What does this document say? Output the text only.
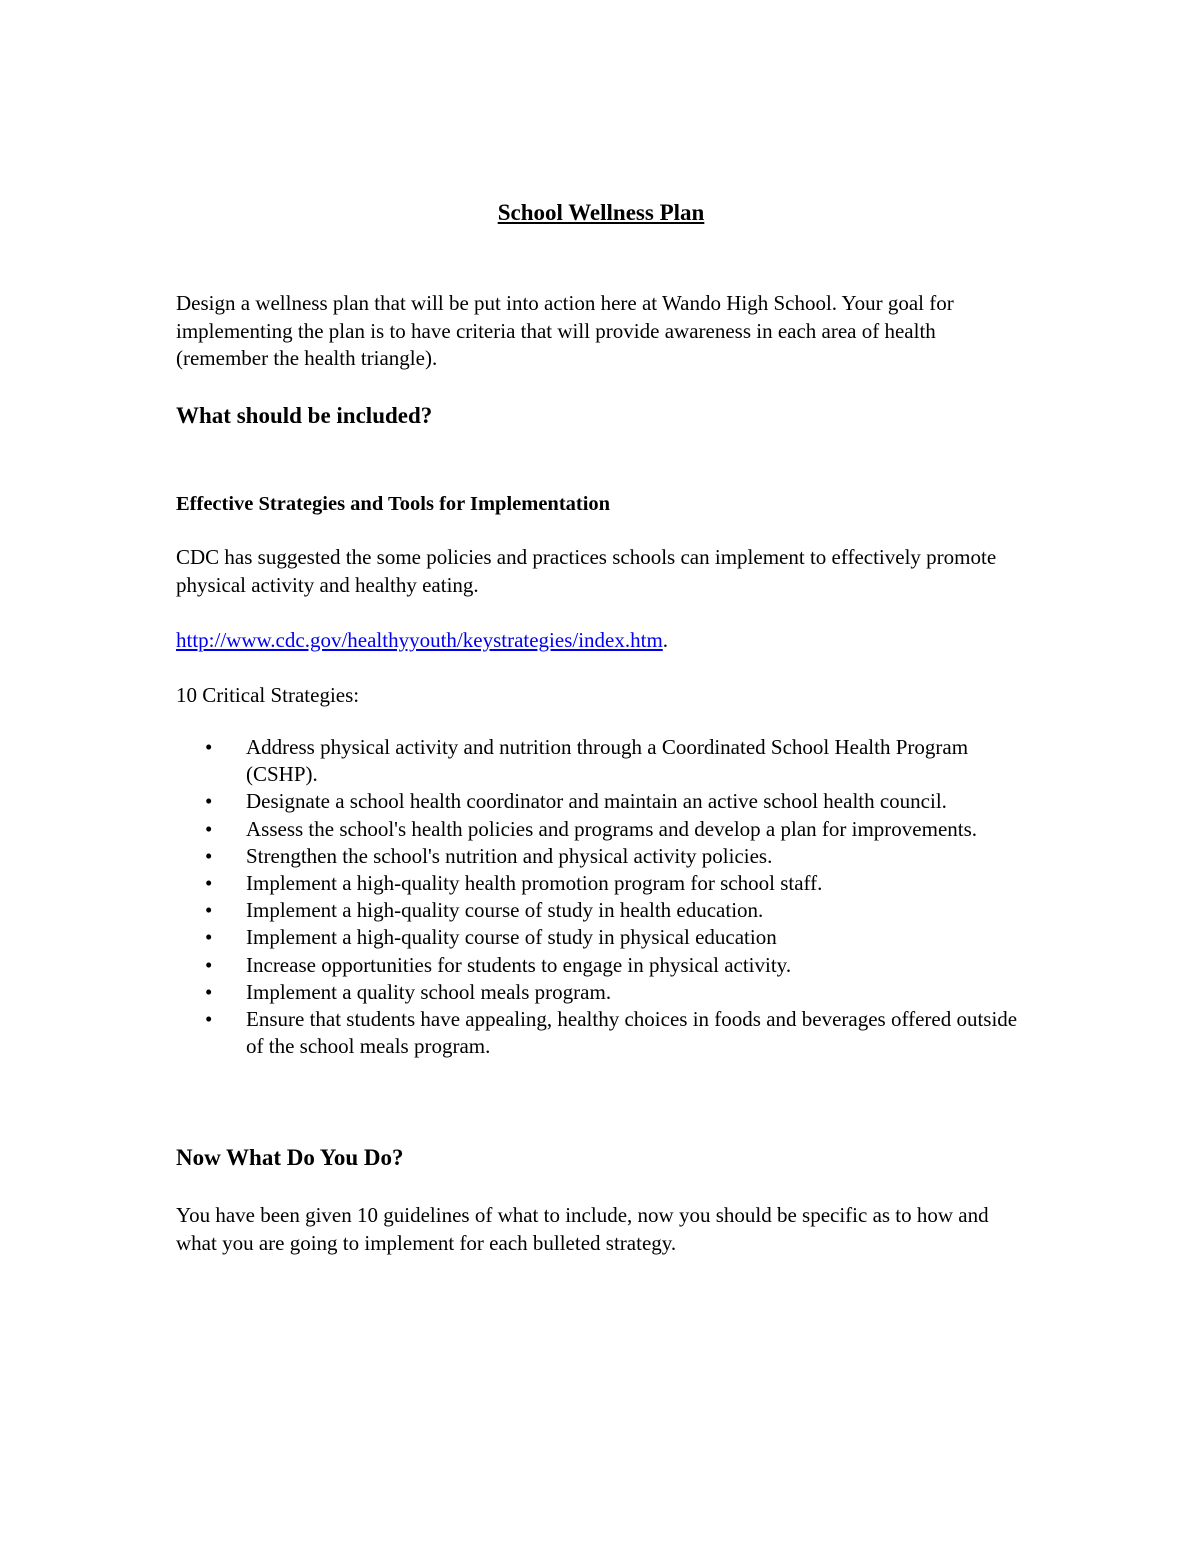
School Wellness Plan

Design a wellness plan that will be put into action here at Wando High School. Your goal for implementing the plan is to have criteria that will provide awareness in each area of health (remember the health triangle).

What should be included?
Effective Strategies and Tools for Implementation

CDC has suggested the some policies and practices schools can implement to effectively promote physical activity and healthy eating.

http://www.cdc.gov/healthyyouth/keystrategies/index.htm.

10 Critical Strategies:

• Address physical activity and nutrition through a Coordinated School Health Program (CSHP).
• Designate a school health coordinator and maintain an active school health council.
• Assess the school's health policies and programs and develop a plan for improvements.
• Strengthen the school's nutrition and physical activity policies.
• Implement a high-quality health promotion program for school staff.
• Implement a high-quality course of study in health education.
• Implement a high-quality course of study in physical education
• Increase opportunities for students to engage in physical activity.
• Implement a quality school meals program.
• Ensure that students have appealing, healthy choices in foods and beverages offered outside of the school meals program.
Now What Do You Do?

You have been given 10 guidelines of what to include, now you should be specific as to how and what you are going to implement for each bulleted strategy.
